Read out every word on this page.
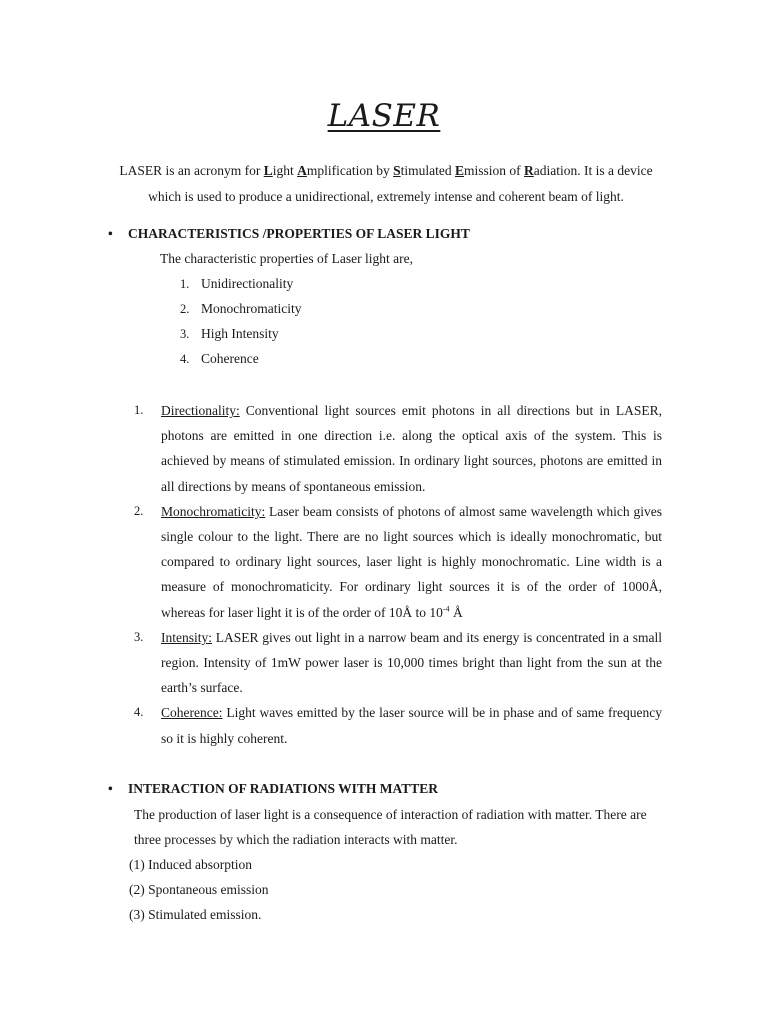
LASER
LASER is an acronym for Light Amplification by Stimulated Emission of Radiation. It is a device which is used to produce a unidirectional, extremely intense and coherent beam of light.
• CHARACTERISTICS /PROPERTIES OF LASER LIGHT
The characteristic properties of Laser light are,
1. Unidirectionality
2. Monochromaticity
3. High Intensity
4. Coherence
1. Directionality: Conventional light sources emit photons in all directions but in LASER, photons are emitted in one direction i.e. along the optical axis of the system. This is achieved by means of stimulated emission. In ordinary light sources, photons are emitted in all directions by means of spontaneous emission.
2. Monochromaticity: Laser beam consists of photons of almost same wavelength which gives single colour to the light. There are no light sources which is ideally monochromatic, but compared to ordinary light sources, laser light is highly monochromatic. Line width is a measure of monochromaticity. For ordinary light sources it is of the order of 1000Å, whereas for laser light it is of the order of 10Å to $10^{-4}$ Å
3. Intensity: LASER gives out light in a narrow beam and its energy is concentrated in a small region. Intensity of 1mW power laser is 10,000 times bright than light from the sun at the earth’s surface.
4. Coherence: Light waves emitted by the laser source will be in phase and of same frequency so it is highly coherent.
• INTERACTION OF RADIATIONS WITH MATTER
The production of laser light is a consequence of interaction of radiation with matter. There are three processes by which the radiation interacts with matter.
(1) Induced absorption
(2) Spontaneous emission
(3) Stimulated emission.
